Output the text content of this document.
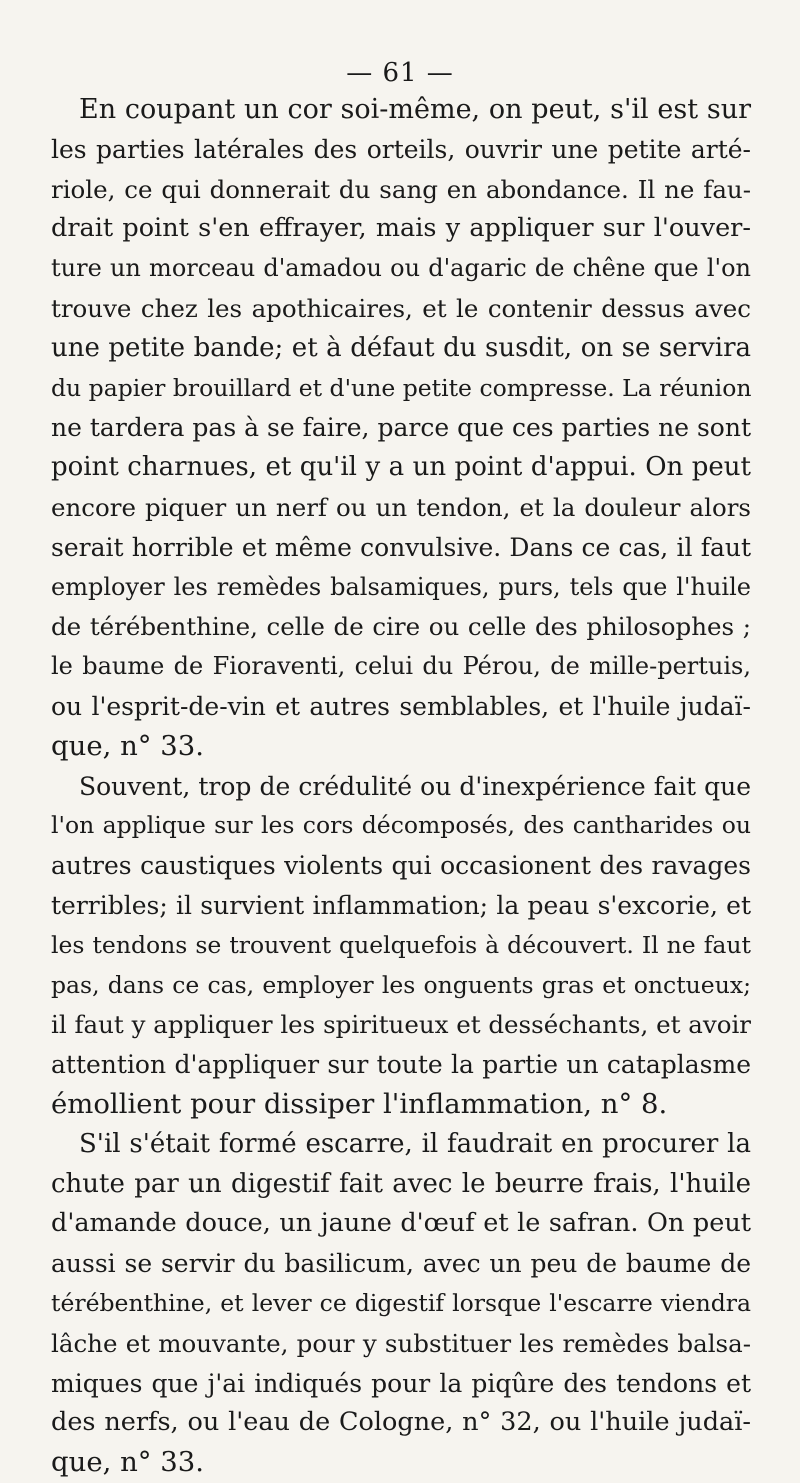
— 61 —
En coupant un cor soi-même, on peut, s'il est sur
les parties latérales des orteils, ouvrir une petite arté-
riole, ce qui donnerait du sang en abondance. Il ne fau-
drait point s'en effrayer, mais y appliquer sur l'ouver-
ture un morceau d'amadou ou d'agaric de chêne que l'on
trouve chez les apothicaires, et le contenir dessus avec
une petite bande; et à défaut du susdit, on se servira
du papier brouillard et d'une petite compresse. La réunion
ne tardera pas à se faire, parce que ces parties ne sont
point charnues, et qu'il y a un point d'appui. On peut
encore piquer un nerf ou un tendon, et la douleur alors
serait horrible et même convulsive. Dans ce cas, il faut
employer les remèdes balsamiques, purs, tels que l'huile
de térébenthine, celle de cire ou celle des philosophes ;
le baume de Fioraventi, celui du Pérou, de mille-pertuis,
ou l'esprit-de-vin et autres semblables, et l'huile judaï-
que, n° 33.
Souvent, trop de crédulité ou d'inexpérience fait que
l'on applique sur les cors décomposés, des cantharides ou
autres caustiques violents qui occasionent des ravages
terribles; il survient inflammation; la peau s'excorie, et
les tendons se trouvent quelquefois à découvert. Il ne faut
pas, dans ce cas, employer les onguents gras et onctueux;
il faut y appliquer les spiritueux et desséchants, et avoir
attention d'appliquer sur toute la partie un cataplasme
émollient pour dissiper l'inflammation, n° 8.
S'il s'était formé escarre, il faudrait en procurer la
chute par un digestif fait avec le beurre frais, l'huile
d'amande douce, un jaune d'œuf et le safran. On peut
aussi se servir du basilicum, avec un peu de baume de
térébenthine, et lever ce digestif lorsque l'escarre viendra
lâche et mouvante, pour y substituer les remèdes balsa-
miques que j'ai indiqués pour la piqûre des tendons et
des nerfs, ou l'eau de Cologne, n° 32, ou l'huile judaï-
que, n° 33.
